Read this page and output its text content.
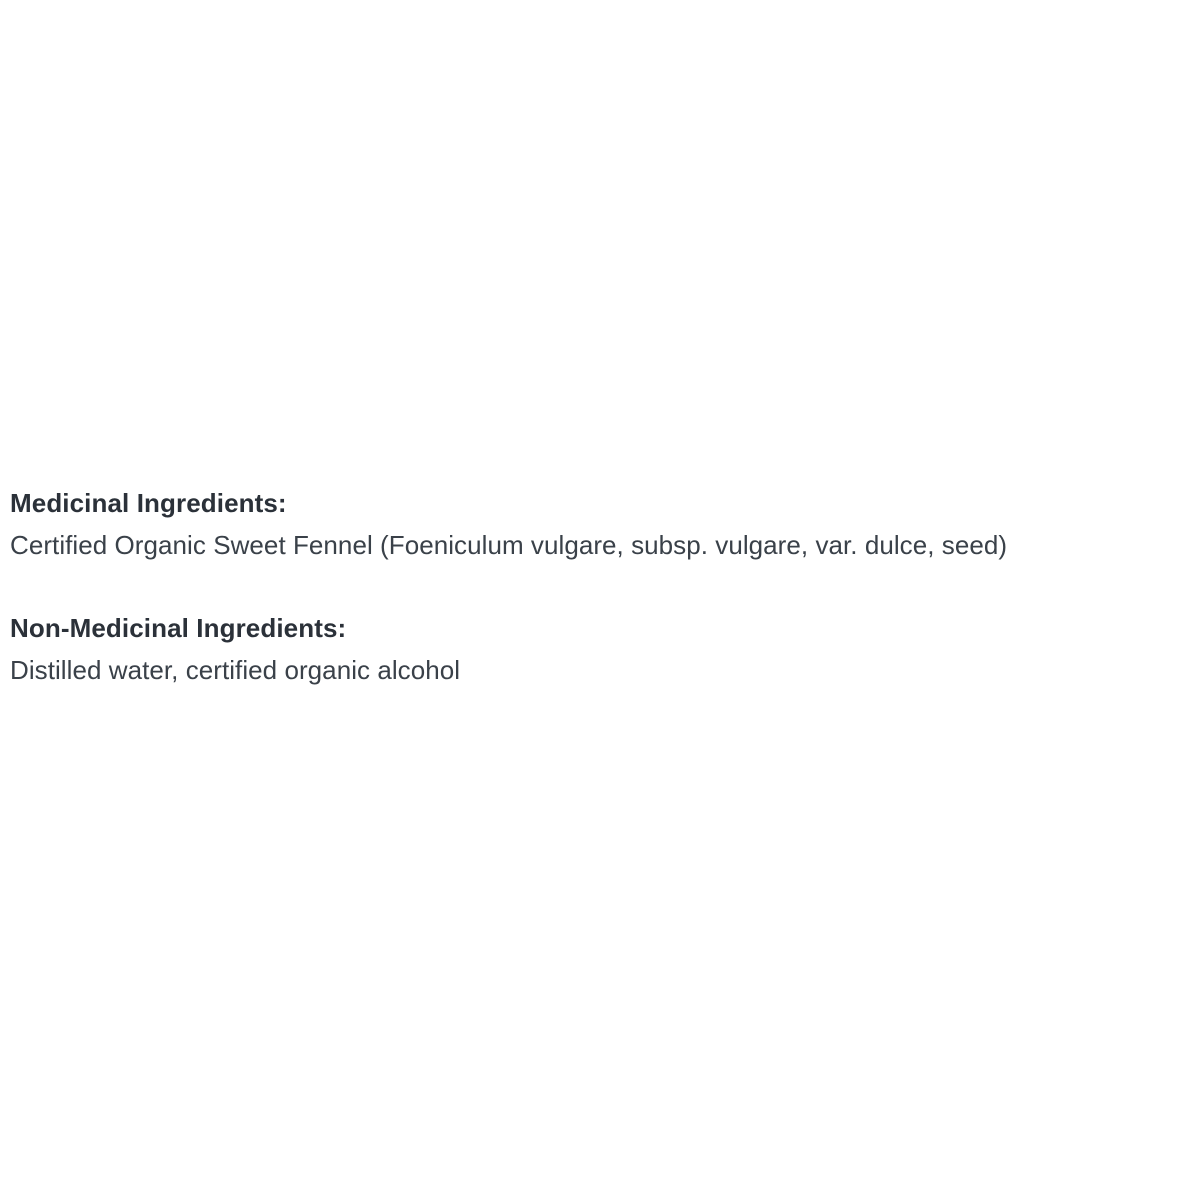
Medicinal Ingredients:

Certified Organic Sweet Fennel (Foeniculum vulgare, subsp. vulgare, var. dulce, seed)

Non-Medicinal Ingredients:

Distilled water, certified organic alcohol
